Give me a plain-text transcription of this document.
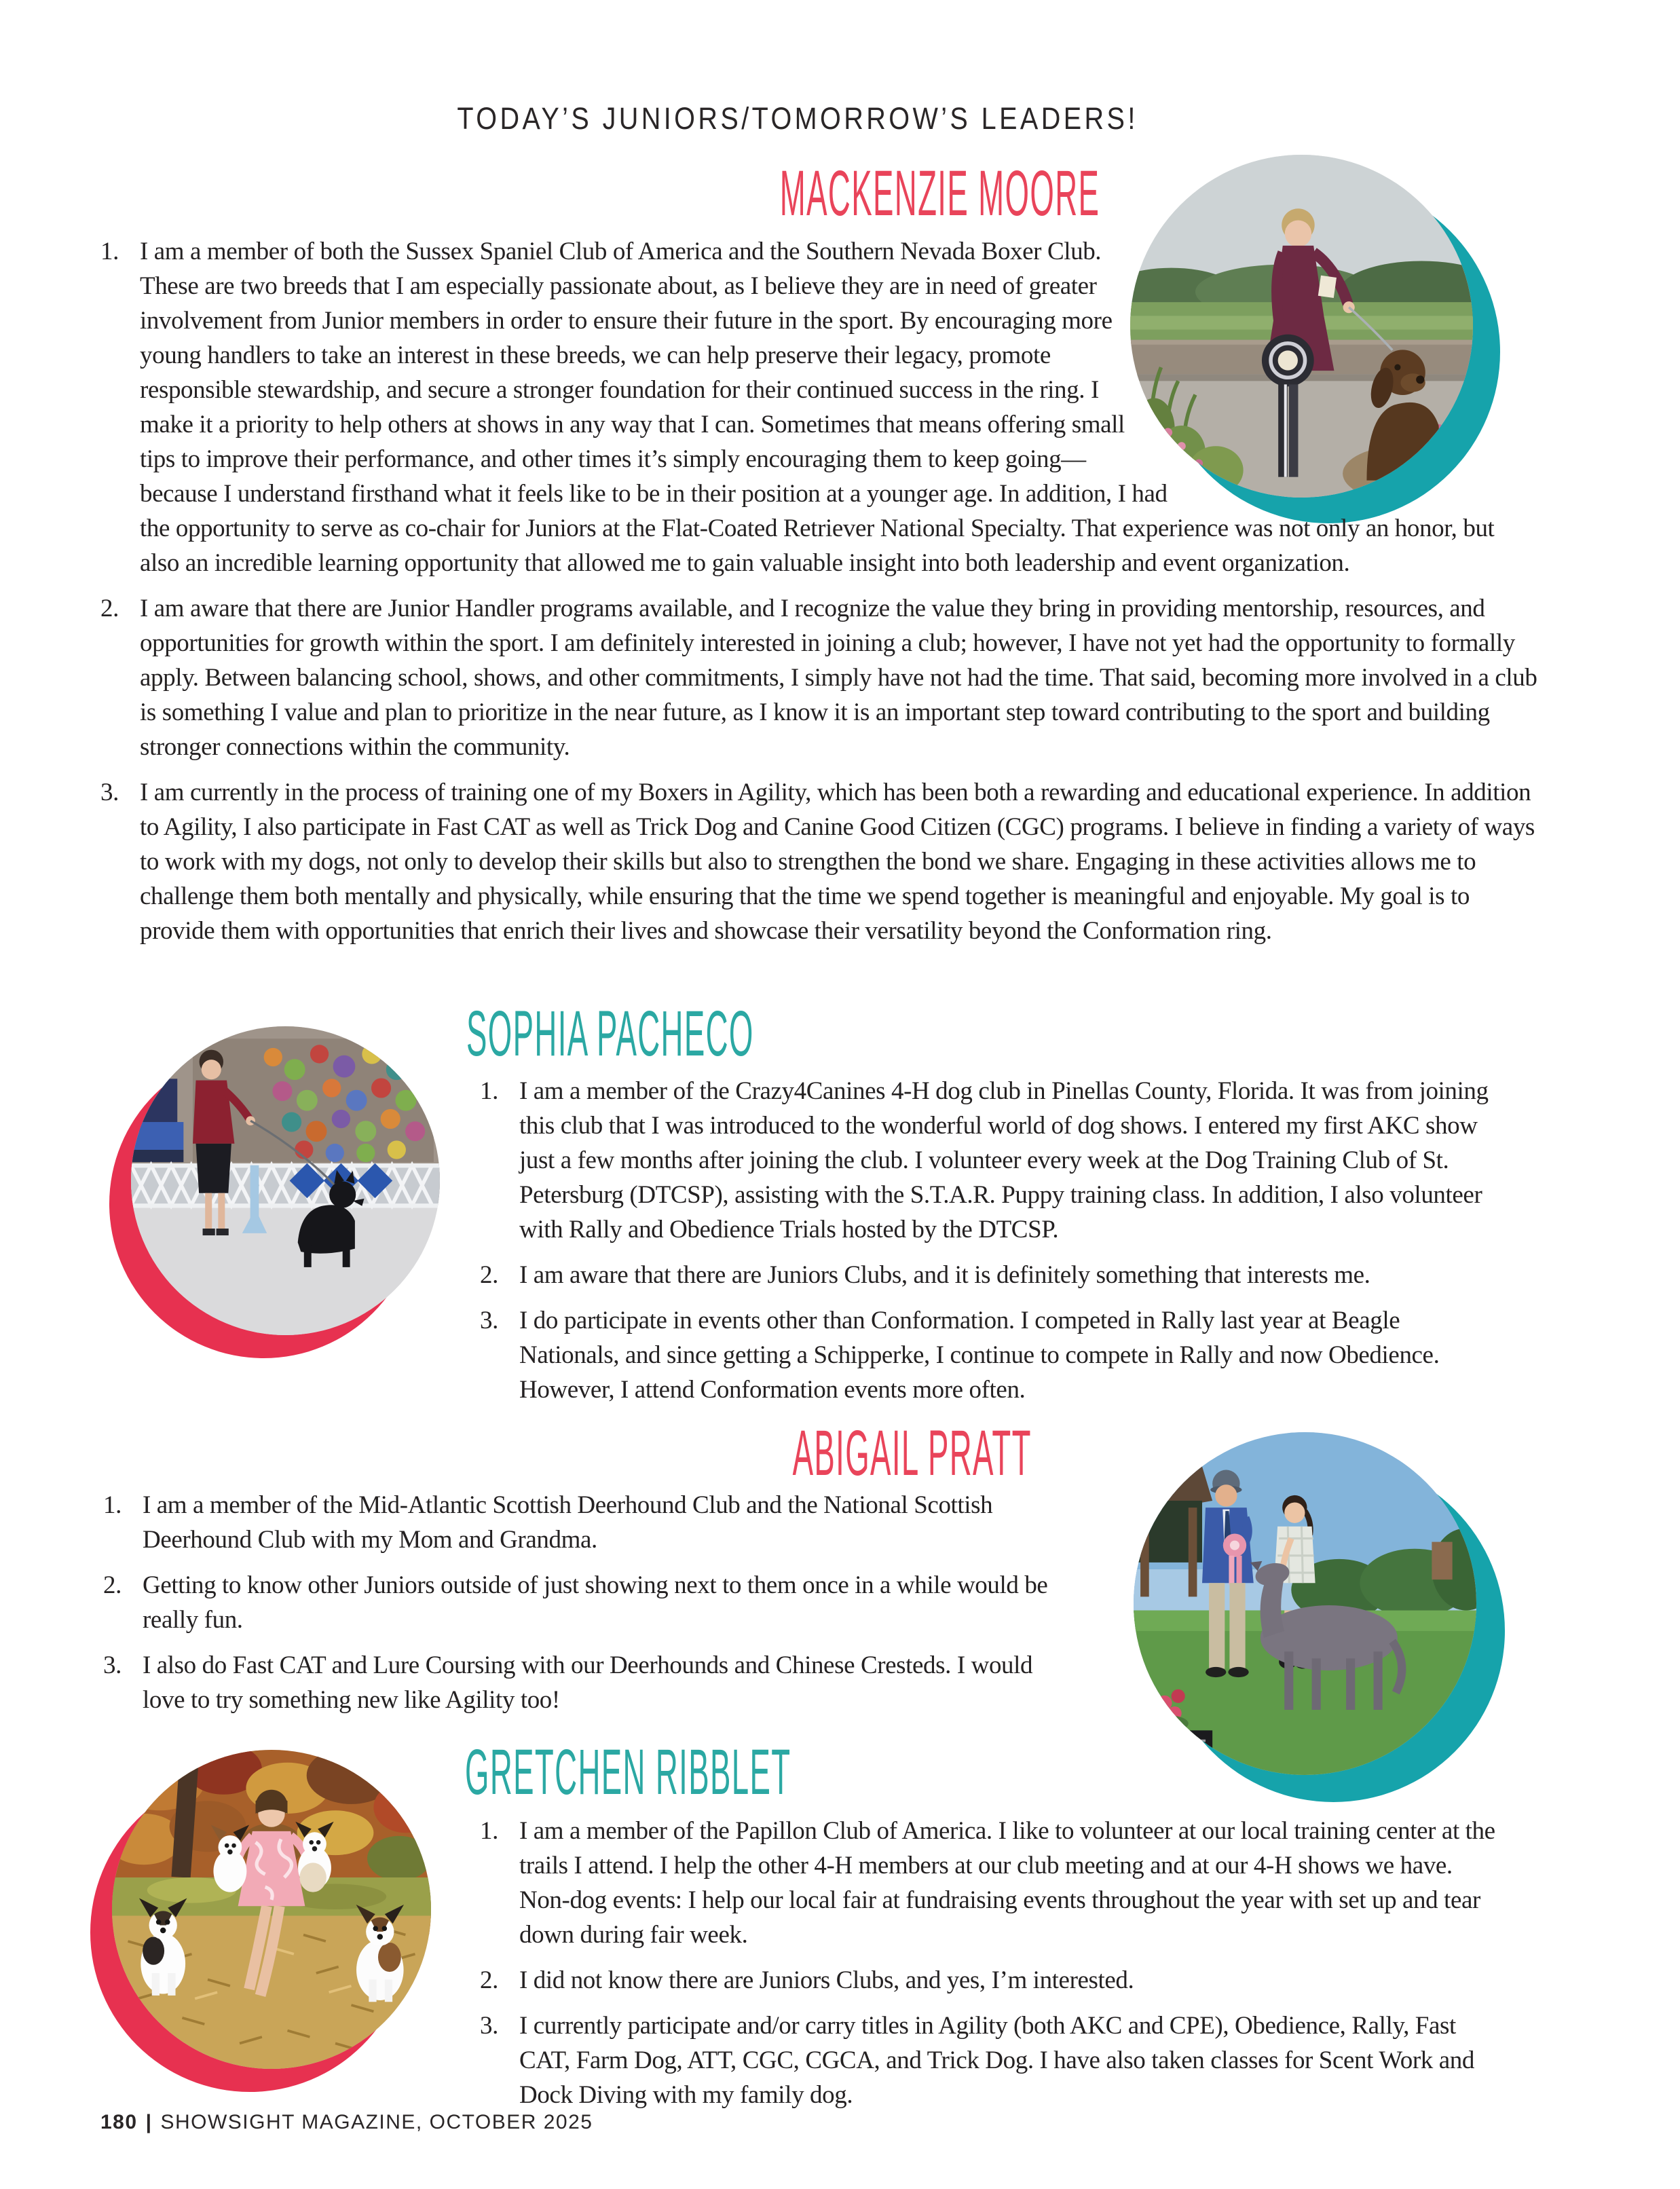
TODAY’S JUNIORS/TOMORROW’S LEADERS!
MACKENZIE MOORE
I am a member of both the Sussex Spaniel Club of America and the Southern Nevada Boxer Club. These are two breeds that I am especially passionate about, as I believe they are in need of greater involvement from Junior members in order to ensure their future in the sport. By encouraging more young handlers to take an interest in these breeds, we can help preserve their legacy, promote responsible stewardship, and secure a stronger foundation for their continued success in the ring. I make it a priority to help others at shows in any way that I can. Sometimes that means offering small tips to improve their performance, and other times it’s simply encouraging them to keep going—because I understand firsthand what it feels like to be in their position at a younger age. In addition, I had the opportunity to serve as co-chair for Juniors at the Flat-Coated Retriever National Specialty. That experience was not only an honor, but also an incredible learning opportunity that allowed me to gain valuable insight into both leadership and event organization.
I am aware that there are Junior Handler programs available, and I recognize the value they bring in providing mentorship, resources, and opportunities for growth within the sport. I am definitely interested in joining a club; however, I have not yet had the opportunity to formally apply. Between balancing school, shows, and other commitments, I simply have not had the time. That said, becoming more involved in a club is something I value and plan to prioritize in the near future, as I know it is an important step toward contributing to the sport and building stronger connections within the community.
I am currently in the process of training one of my Boxers in Agility, which has been both a rewarding and educational experience. In addition to Agility, I also participate in Fast CAT as well as Trick Dog and Canine Good Citizen (CGC) programs. I believe in finding a variety of ways to work with my dogs, not only to develop their skills but also to strengthen the bond we share. Engaging in these activities allows me to challenge them both mentally and physically, while ensuring that the time we spend together is meaningful and enjoyable. My goal is to provide them with opportunities that enrich their lives and showcase their versatility beyond the Conformation ring.
SOPHIA PACHECO
I am a member of the Crazy4Canines 4-H dog club in Pinellas County, Florida. It was from joining this club that I was introduced to the wonderful world of dog shows. I entered my first AKC show just a few months after joining the club. I volunteer every week at the Dog Training Club of St. Petersburg (DTCSP), assisting with the S.T.A.R. Puppy training class. In addition, I also volunteer with Rally and Obedience Trials hosted by the DTCSP.
I am aware that there are Juniors Clubs, and it is definitely something that interests me.
I do participate in events other than Conformation. I competed in Rally last year at Beagle Nationals, and since getting a Schipperke, I continue to compete in Rally and now Obedience. However, I attend Conformation events more often.
ABIGAIL PRATT
I am a member of the Mid-Atlantic Scottish Deerhound Club and the National Scottish Deerhound Club with my Mom and Grandma.
Getting to know other Juniors outside of just showing next to them once in a while would be really fun.
I also do Fast CAT and Lure Coursing with our Deerhounds and Chinese Cresteds. I would love to try something new like Agility too!
GRETCHEN RIBBLET
I am a member of the Papillon Club of America. I like to volunteer at our local training center at the trails I attend. I help the other 4-H members at our club meeting and at our 4-H shows we have. Non-dog events: I help our local fair at fundraising events throughout the year with set up and tear down during fair week.
I did not know there are Juniors Clubs, and yes, I’m interested.
I currently participate and/or carry titles in Agility (both AKC and CPE), Obedience, Rally, Fast CAT, Farm Dog, ATT, CGC, CGCA, and Trick Dog. I have also taken classes for Scent Work and Dock Diving with my family dog.
180 | SHOWSIGHT MAGAZINE, OCTOBER 2025
